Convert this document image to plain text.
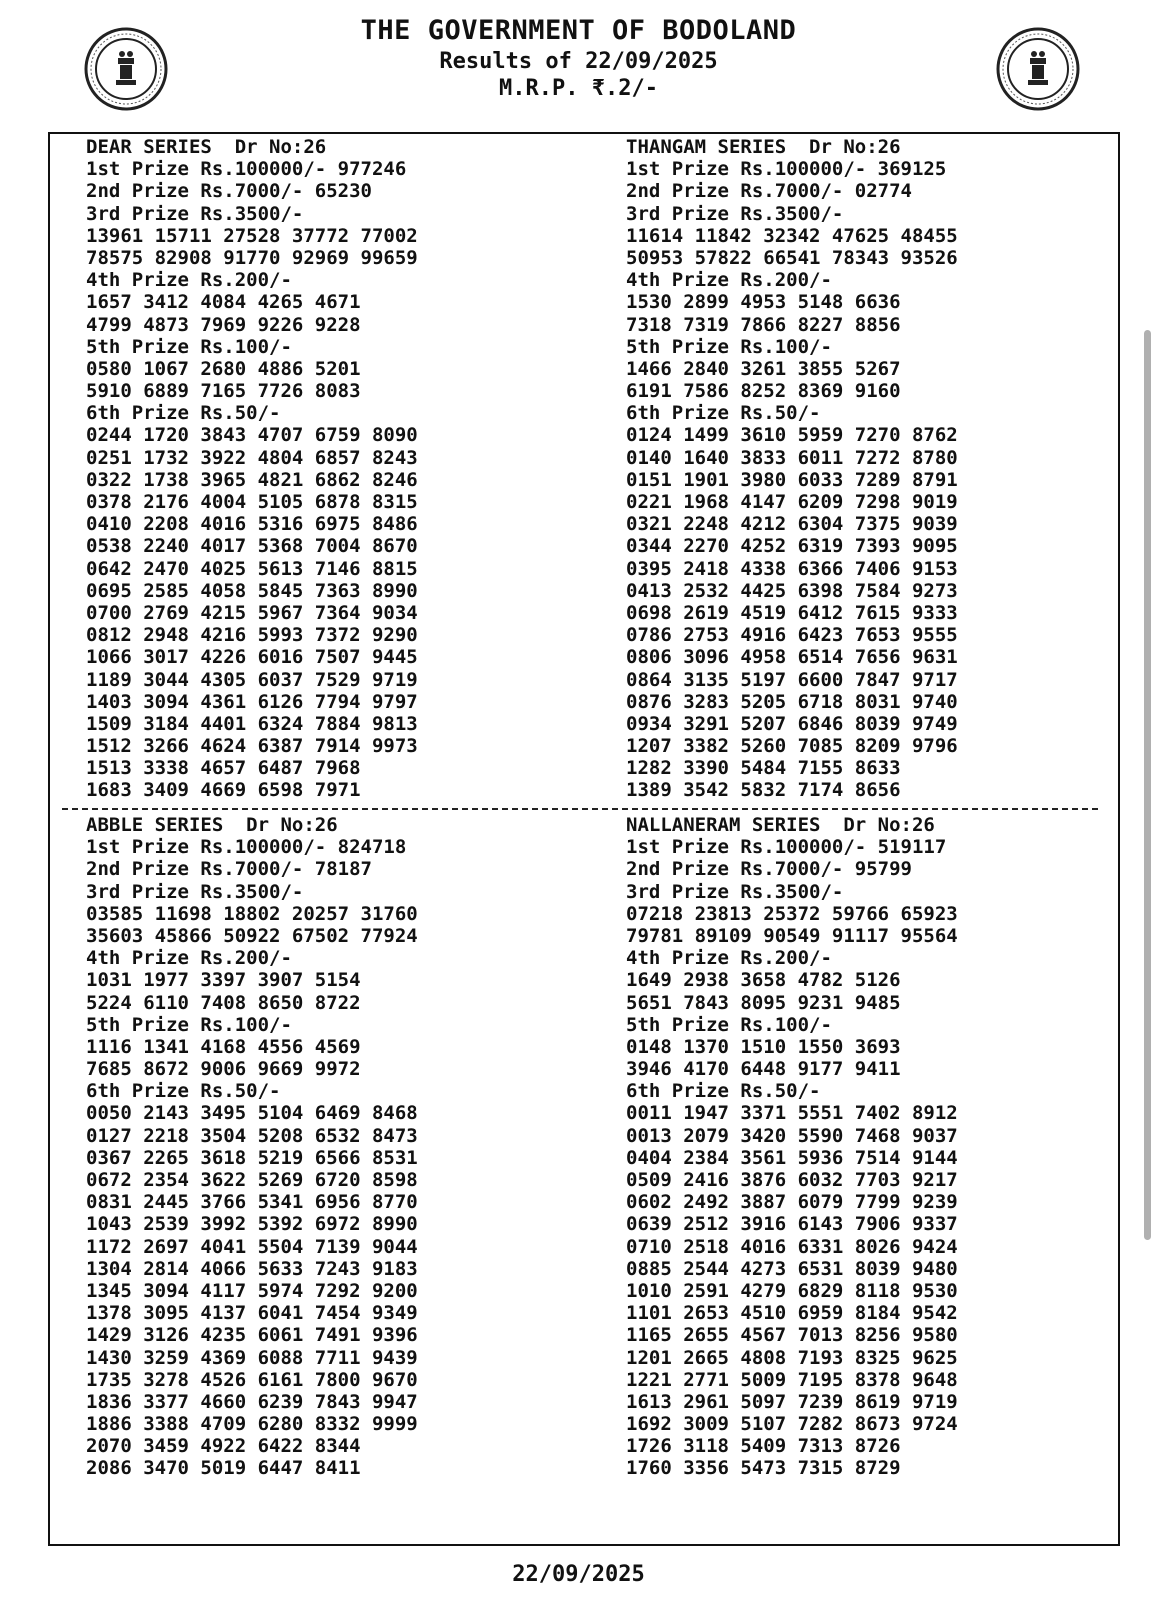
THE GOVERNMENT OF BODOLAND
Results of 22/09/2025
M.R.P. ₹.2/-
DEAR SERIES  Dr No:26
1st Prize Rs.100000/- 977246
2nd Prize Rs.7000/- 65230
3rd Prize Rs.3500/-
13961 15711 27528 37772 77002
78575 82908 91770 92969 99659
4th Prize Rs.200/-
1657 3412 4084 4265 4671
4799 4873 7969 9226 9228
5th Prize Rs.100/-
0580 1067 2680 4886 5201
5910 6889 7165 7726 8083
6th Prize Rs.50/-
0244 1720 3843 4707 6759 8090
0251 1732 3922 4804 6857 8243
0322 1738 3965 4821 6862 8246
0378 2176 4004 5105 6878 8315
0410 2208 4016 5316 6975 8486
0538 2240 4017 5368 7004 8670
0642 2470 4025 5613 7146 8815
0695 2585 4058 5845 7363 8990
0700 2769 4215 5967 7364 9034
0812 2948 4216 5993 7372 9290
1066 3017 4226 6016 7507 9445
1189 3044 4305 6037 7529 9719
1403 3094 4361 6126 7794 9797
1509 3184 4401 6324 7884 9813
1512 3266 4624 6387 7914 9973
1513 3338 4657 6487 7968
1683 3409 4669 6598 7971
THANGAM SERIES  Dr No:26
1st Prize Rs.100000/- 369125
2nd Prize Rs.7000/- 02774
3rd Prize Rs.3500/-
11614 11842 32342 47625 48455
50953 57822 66541 78343 93526
4th Prize Rs.200/-
1530 2899 4953 5148 6636
7318 7319 7866 8227 8856
5th Prize Rs.100/-
1466 2840 3261 3855 5267
6191 7586 8252 8369 9160
6th Prize Rs.50/-
0124 1499 3610 5959 7270 8762
0140 1640 3833 6011 7272 8780
0151 1901 3980 6033 7289 8791
0221 1968 4147 6209 7298 9019
0321 2248 4212 6304 7375 9039
0344 2270 4252 6319 7393 9095
0395 2418 4338 6366 7406 9153
0413 2532 4425 6398 7584 9273
0698 2619 4519 6412 7615 9333
0786 2753 4916 6423 7653 9555
0806 3096 4958 6514 7656 9631
0864 3135 5197 6600 7847 9717
0876 3283 5205 6718 8031 9740
0934 3291 5207 6846 8039 9749
1207 3382 5260 7085 8209 9796
1282 3390 5484 7155 8633
1389 3542 5832 7174 8656
ABBLE SERIES  Dr No:26
1st Prize Rs.100000/- 824718
2nd Prize Rs.7000/- 78187
3rd Prize Rs.3500/-
03585 11698 18802 20257 31760
35603 45866 50922 67502 77924
4th Prize Rs.200/-
1031 1977 3397 3907 5154
5224 6110 7408 8650 8722
5th Prize Rs.100/-
1116 1341 4168 4556 4569
7685 8672 9006 9669 9972
6th Prize Rs.50/-
0050 2143 3495 5104 6469 8468
0127 2218 3504 5208 6532 8473
0367 2265 3618 5219 6566 8531
0672 2354 3622 5269 6720 8598
0831 2445 3766 5341 6956 8770
1043 2539 3992 5392 6972 8990
1172 2697 4041 5504 7139 9044
1304 2814 4066 5633 7243 9183
1345 3094 4117 5974 7292 9200
1378 3095 4137 6041 7454 9349
1429 3126 4235 6061 7491 9396
1430 3259 4369 6088 7711 9439
1735 3278 4526 6161 7800 9670
1836 3377 4660 6239 7843 9947
1886 3388 4709 6280 8332 9999
2070 3459 4922 6422 8344
2086 3470 5019 6447 8411
NALLANERAM SERIES  Dr No:26
1st Prize Rs.100000/- 519117
2nd Prize Rs.7000/- 95799
3rd Prize Rs.3500/-
07218 23813 25372 59766 65923
79781 89109 90549 91117 95564
4th Prize Rs.200/-
1649 2938 3658 4782 5126
5651 7843 8095 9231 9485
5th Prize Rs.100/-
0148 1370 1510 1550 3693
3946 4170 6448 9177 9411
6th Prize Rs.50/-
0011 1947 3371 5551 7402 8912
0013 2079 3420 5590 7468 9037
0404 2384 3561 5936 7514 9144
0509 2416 3876 6032 7703 9217
0602 2492 3887 6079 7799 9239
0639 2512 3916 6143 7906 9337
0710 2518 4016 6331 8026 9424
0885 2544 4273 6531 8039 9480
1010 2591 4279 6829 8118 9530
1101 2653 4510 6959 8184 9542
1165 2655 4567 7013 8256 9580
1201 2665 4808 7193 8325 9625
1221 2771 5009 7195 8378 9648
1613 2961 5097 7239 8619 9719
1692 3009 5107 7282 8673 9724
1726 3118 5409 7313 8726
1760 3356 5473 7315 8729
22/09/2025
